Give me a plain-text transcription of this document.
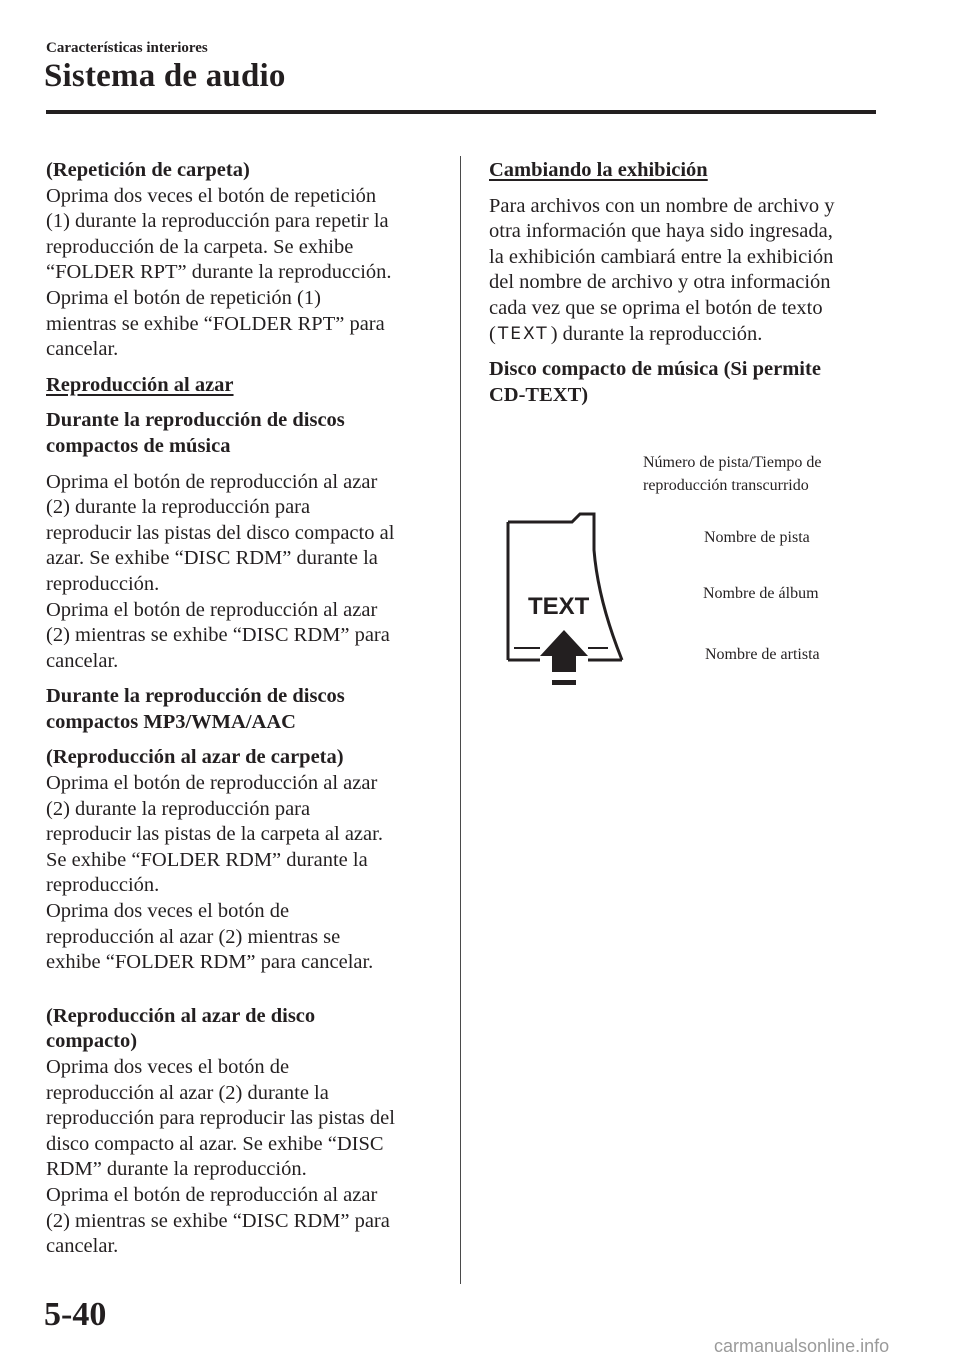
Características interiores
Sistema de audio

(Repetición de carpeta)

Oprima dos veces el botón de repetición

(1) durante la reproducción para repetir la

reproducción de la carpeta. Se exhibe

“FOLDER RPT” durante la reproducción.

Oprima el botón de repetición (1)

mientras se exhibe “FOLDER RPT” para

cancelar.

Reproducción al azar

Durante la reproducción de discos

compactos de música

Oprima el botón de reproducción al azar

(2) durante la reproducción para

reproducir las pistas del disco compacto al

azar. Se exhibe “DISC RDM” durante la

reproducción.

Oprima el botón de reproducción al azar

(2) mientras se exhibe “DISC RDM” para

cancelar.

Durante la reproducción de discos

compactos MP3/WMA/AAC

(Reproducción al azar de carpeta)

Oprima el botón de reproducción al azar

(2) durante la reproducción para

reproducir las pistas de la carpeta al azar.

Se exhibe “FOLDER RDM” durante la

reproducción.

Oprima dos veces el botón de

reproducción al azar (2) mientras se

exhibe “FOLDER RDM” para cancelar.

(Reproducción al azar de disco

compacto)

Oprima dos veces el botón de

reproducción al azar (2) durante la

reproducción para reproducir las pistas del

disco compacto al azar. Se exhibe “DISC

RDM” durante la reproducción.

Oprima el botón de reproducción al azar

(2) mientras se exhibe “DISC RDM” para

cancelar.

Cambiando la exhibición

Para archivos con un nombre de archivo y

otra información que haya sido ingresada,

la exhibición cambiará entre la exhibición

del nombre de archivo y otra información

cada vez que se oprima el botón de texto

( TEXT) durante la reproducción.

Disco compacto de música (Si permite

CD-TEXT)

TEXT
Número de pista/Tiempo de
reproducción transcurrido
Nombre de pista
Nombre de álbum
Nombre de artista
5-40
carmanualsonline.info
